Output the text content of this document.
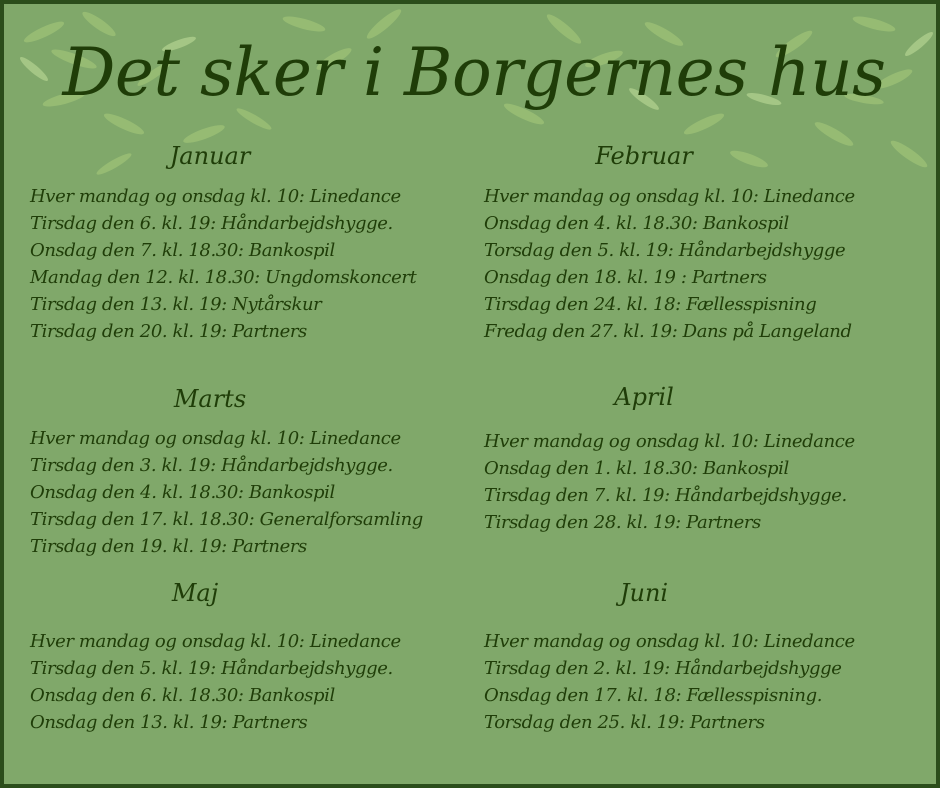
Det sker i Borgernes hus
Januar
Hver mandag og onsdag kl. 10: Linedance
Tirsdag den 6. kl. 19: Håndarbejdshygge.
Onsdag den 7. kl. 18.30: Bankospil
Mandag den 12. kl. 18.30: Ungdomskoncert
Tirsdag den 13. kl. 19: Nytårskur
Tirsdag den 20. kl. 19: Partners
Februar
Hver mandag og onsdag kl. 10: Linedance
Onsdag den 4. kl. 18.30: Bankospil
Torsdag den 5. kl. 19: Håndarbejdshygge
Onsdag den 18. kl. 19 : Partners
Tirsdag den 24. kl. 18: Fællesspisning
Fredag den 27. kl. 19: Dans på Langeland
Marts
Hver mandag og onsdag kl. 10: Linedance
Tirsdag den 3. kl. 19: Håndarbejdshygge.
Onsdag den 4. kl. 18.30: Bankospil
Tirsdag den 17. kl. 18.30: Generalforsamling
Tirsdag den 19. kl. 19: Partners
April
Hver mandag og onsdag kl. 10: Linedance
Onsdag den 1. kl. 18.30: Bankospil
Tirsdag den 7. kl. 19: Håndarbejdshygge.
Tirsdag den 28. kl. 19: Partners
Maj
Hver mandag og onsdag kl. 10: Linedance
Tirsdag den 5. kl. 19: Håndarbejdshygge.
Onsdag den 6. kl. 18.30: Bankospil
Onsdag den 13. kl. 19: Partners
Juni
Hver mandag og onsdag kl. 10: Linedance
Tirsdag den 2. kl. 19: Håndarbejdshygge
Onsdag den 17. kl. 18: Fællesspisning.
Torsdag den 25. kl. 19: Partners
